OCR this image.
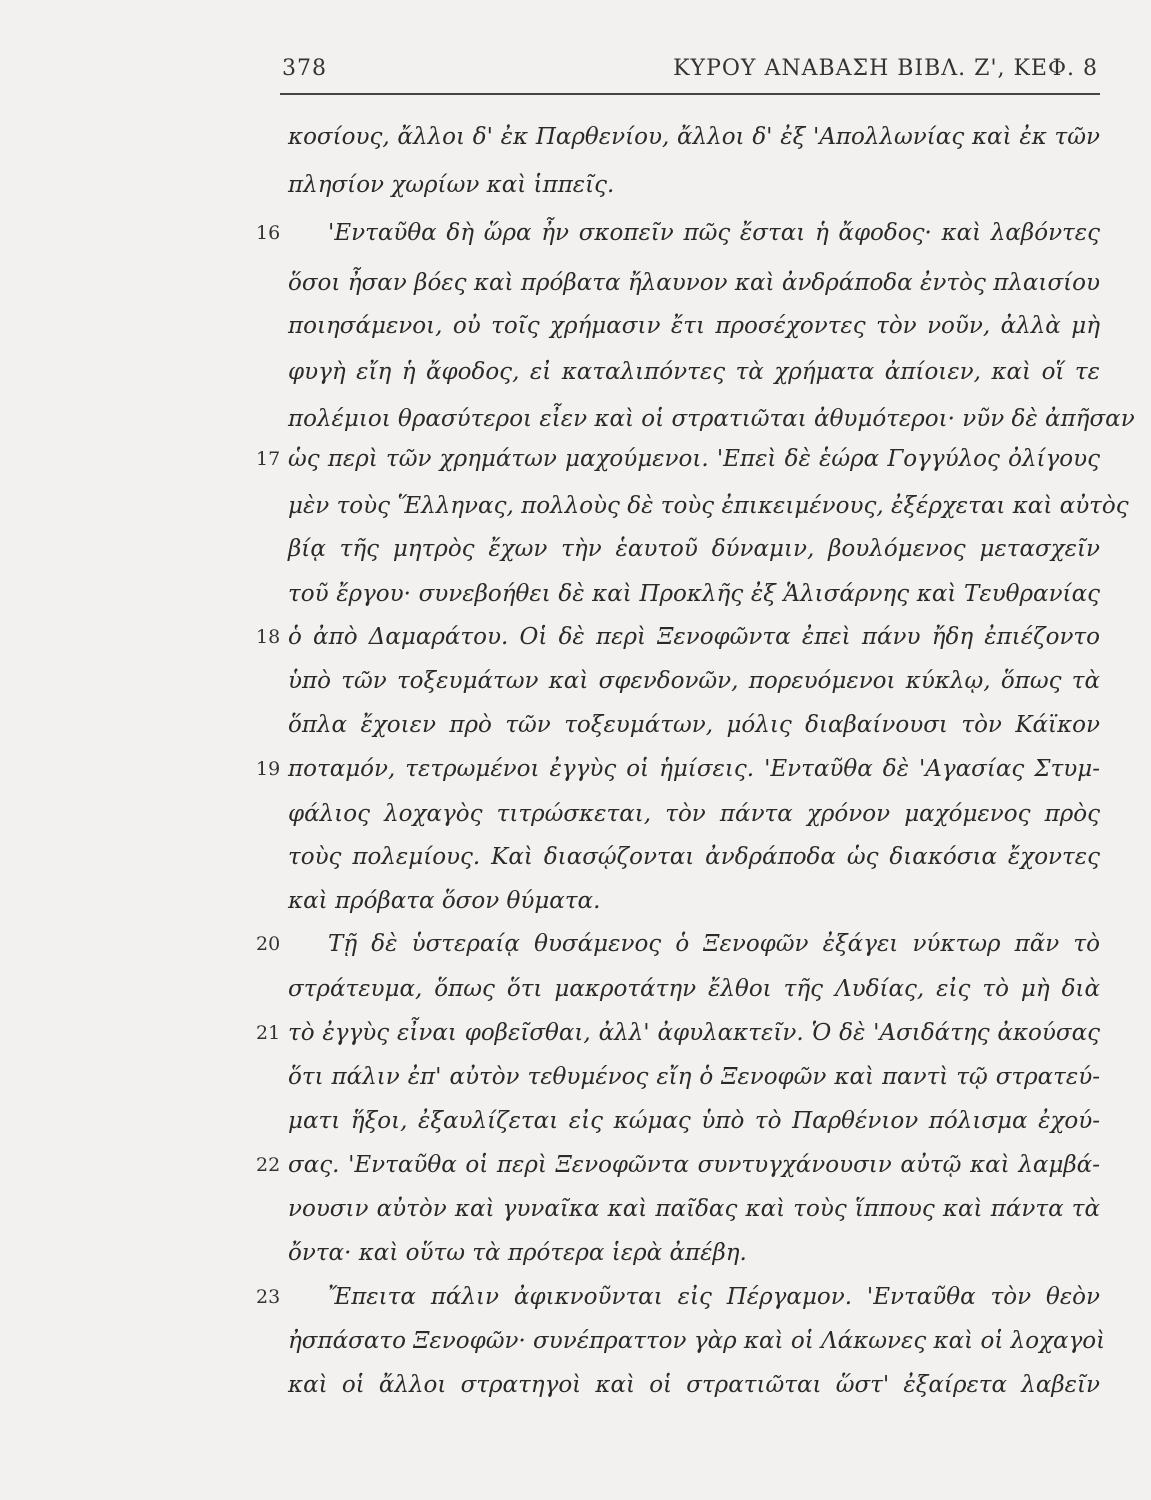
378	ΚΥΡΟΥ ΑΝΑΒΑΣΗ ΒΙΒΛ. Ζ', ΚΕΦ. 8
κοσίους, ἄλλοι δ' ἐκ Παρθενίου, ἄλλοι δ' ἐξ 'Απολλωνίας καὶ ἐκ τῶν
πλησίον χωρίων καὶ ἱππεῖς.
16 'Ενταῦθα δὴ ὥρα ἦν σκοπεῖν πῶς ἔσται ἡ ἄφοδος· καὶ λαβόντες
ὅσοι ἦσαν βόες καὶ πρόβατα ἤλαυνον καὶ ἀνδράποδα ἐντὸς πλαισίου
ποιησάμενοι, οὐ τοῖς χρήμασιν ἔτι προσέχοντες τὸν νοῦν, ἀλλὰ μὴ
φυγὴ εἴη ἡ ἄφοδος, εἰ καταλιπόντες τὰ χρήματα ἀπίοιεν, καὶ οἵ τε
πολέμιοι θρασύτεροι εἶεν καὶ οἱ στρατιῶται ἀθυμότεροι· νῦν δὲ ἀπῆσαν
17 ὡς περὶ τῶν χρημάτων μαχούμενοι. 'Επεὶ δὲ ἑώρα Γογγύλος ὀλίγους
μὲν τοὺς Ἕλληνας, πολλοὺς δὲ τοὺς ἐπικειμένους, ἐξέρχεται καὶ αὐτὸς
βίᾳ τῆς μητρὸς ἔχων τὴν ἑαυτοῦ δύναμιν, βουλόμενος μετασχεῖν
τοῦ ἔργου· συνεβοήθει δὲ καὶ Προκλῆς ἐξ Ἁλισάρνης καὶ Τευθρανίας
18 ὁ ἀπὸ Δαμαράτου. Οἱ δὲ περὶ Ξενοφῶντα ἐπεὶ πάνυ ἤδη ἐπιέζοντο
ὑπὸ τῶν τοξευμάτων καὶ σφενδονῶν, πορευόμενοι κύκλῳ, ὅπως τὰ
ὅπλα ἔχοιεν πρὸ τῶν τοξευμάτων, μόλις διαβαίνουσι τὸν Κάϊκον
19 ποταμόν, τετρωμένοι ἐγγὺς οἱ ἡμίσεις. 'Ενταῦθα δὲ 'Αγασίας Στυμ-
φάλιος λοχαγὸς τιτρώσκεται, τὸν πάντα χρόνον μαχόμενος πρὸς
τοὺς πολεμίους. Καὶ διασῴζονται ἀνδράποδα ὡς διακόσια ἔχοντες
καὶ πρόβατα ὅσον θύματα.
20 Τῇ δὲ ὑστεραίᾳ θυσάμενος ὁ Ξενοφῶν ἐξάγει νύκτωρ πᾶν τὸ
στράτευμα, ὅπως ὅτι μακροτάτην ἔλθοι τῆς Λυδίας, εἰς τὸ μὴ διὰ
21 τὸ ἐγγὺς εἶναι φοβεῖσθαι, ἀλλ' ἀφυλακτεῖν. Ὁ δὲ 'Ασιδάτης ἀκούσας
ὅτι πάλιν ἐπ' αὐτὸν τεθυμένος εἴη ὁ Ξενοφῶν καὶ παντὶ τῷ στρατεύ-
ματι ἥξοι, ἐξαυλίζεται εἰς κώμας ὑπὸ τὸ Παρθένιον πόλισμα ἐχού-
22 σας. 'Ενταῦθα οἱ περὶ Ξενοφῶντα συντυγχάνουσιν αὐτῷ καὶ λαμβά-
νουσιν αὐτὸν καὶ γυναῖκα καὶ παῖδας καὶ τοὺς ἵππους καὶ πάντα τὰ
ὄντα· καὶ οὕτω τὰ πρότερα ἱερὰ ἀπέβη.
23 Ἔπειτα πάλιν ἀφικνοῦνται εἰς Πέργαμον. 'Ενταῦθα τὸν θεὸν
ἠσπάσατο Ξενοφῶν· συνέπραττον γὰρ καὶ οἱ Λάκωνες καὶ οἱ λοχαγοὶ
καὶ οἱ ἄλλοι στρατηγοὶ καὶ οἱ στρατιῶται ὥστ' ἐξαίρετα λαβεῖν
